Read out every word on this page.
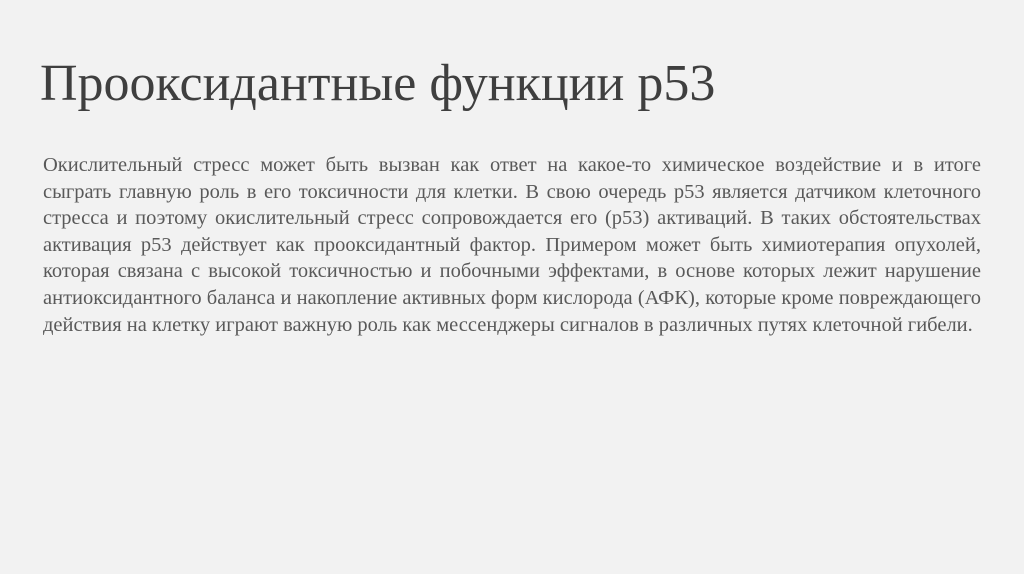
Прооксидантные функции p53

Окислительный стресс может быть вызван как ответ на какое-то химическое воздействие и в итоге сыграть главную роль в его токсичности для клетки. В свою очередь p53 является датчиком клеточного стресса и поэтому окислительный стресс сопровождается его (p53) активаций. В таких обстоятельствах активация p53 действует как прооксидантный фактор. Примером может быть химиотерапия опухолей, которая связана с высокой токсичностью и побочными эффектами, в основе которых лежит нарушение антиоксидантного баланса и накопление активных форм кислорода (АФК), которые кроме повреждающего действия на клетку играют важную роль как мессенджеры сигналов в различных путях клеточной гибели.
